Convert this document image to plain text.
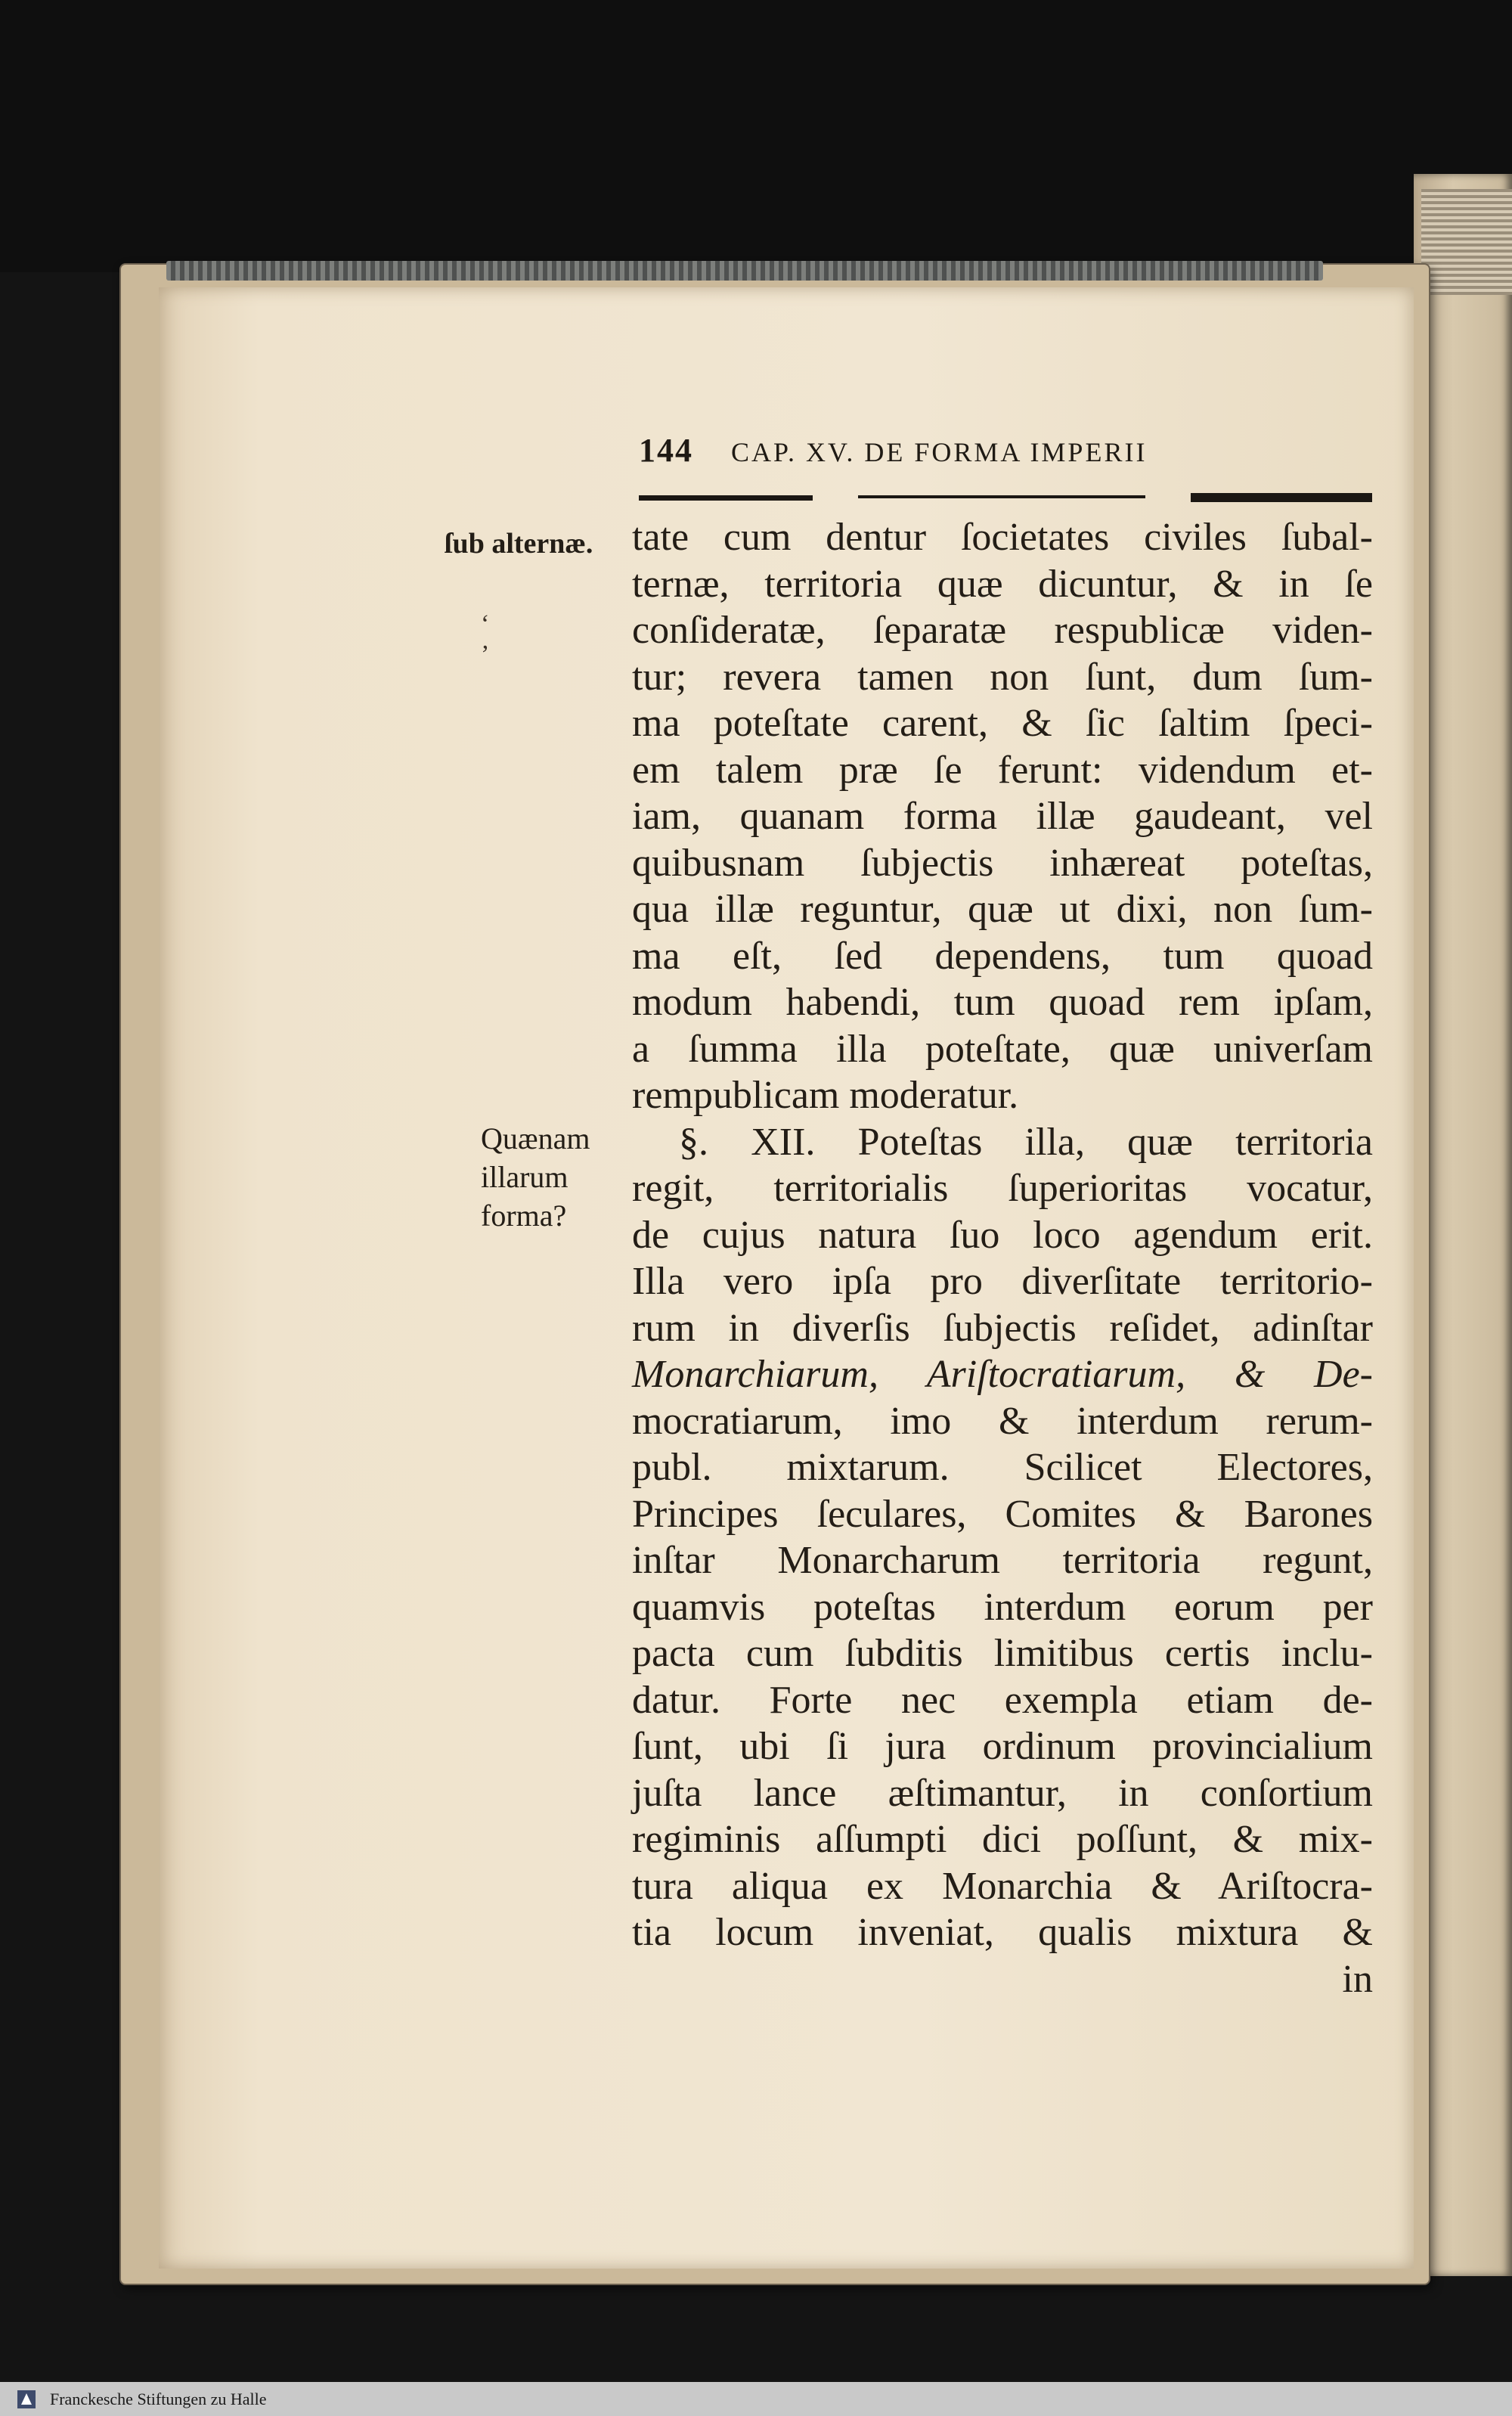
144 CAP. XV. DE FORMA IMPERII
ſub alternæ.
‘
’
Quænam
illarum
forma?
tate cum dentur ſocietates civiles ſubal-
ternæ, territoria quæ dicuntur, & in ſe
conſideratæ, ſeparatæ respublicæ viden-
tur; revera tamen non ſunt, dum ſum-
ma poteſtate carent, & ſic ſaltim ſpeci-
em talem præ ſe ferunt: videndum et-
iam, quanam forma illæ gaudeant, vel
quibusnam ſubjectis inhæreat poteſtas,
qua illæ reguntur, quæ ut dixi, non ſum-
ma eſt, ſed dependens, tum quoad
modum habendi, tum quoad rem ipſam,
a ſumma illa poteſtate, quæ univerſam
rempublicam moderatur.
§. XII. Poteſtas illa, quæ territoria
regit, territorialis ſuperioritas vocatur,
de cujus natura ſuo loco agendum erit.
Illa vero ipſa pro diverſitate territorio-
rum in diverſis ſubjectis reſidet, adinſtar
Monarchiarum, Ariſtocratiarum, & De-
mocratiarum, imo & interdum rerum-
publ. mixtarum. Scilicet Electores,
Principes ſeculares, Comites & Barones
inſtar Monarcharum territoria regunt,
quamvis poteſtas interdum eorum per
pacta cum ſubditis limitibus certis inclu-
datur. Forte nec exempla etiam de-
ſunt, ubi ſi jura ordinum provincialium
juſta lance æſtimantur, in conſortium
regiminis aſſumpti dici poſſunt, & mix-
tura aliqua ex Monarchia & Ariſtocra-
tia locum inveniat, qualis mixtura &
in
Franckesche Stiftungen zu Halle
